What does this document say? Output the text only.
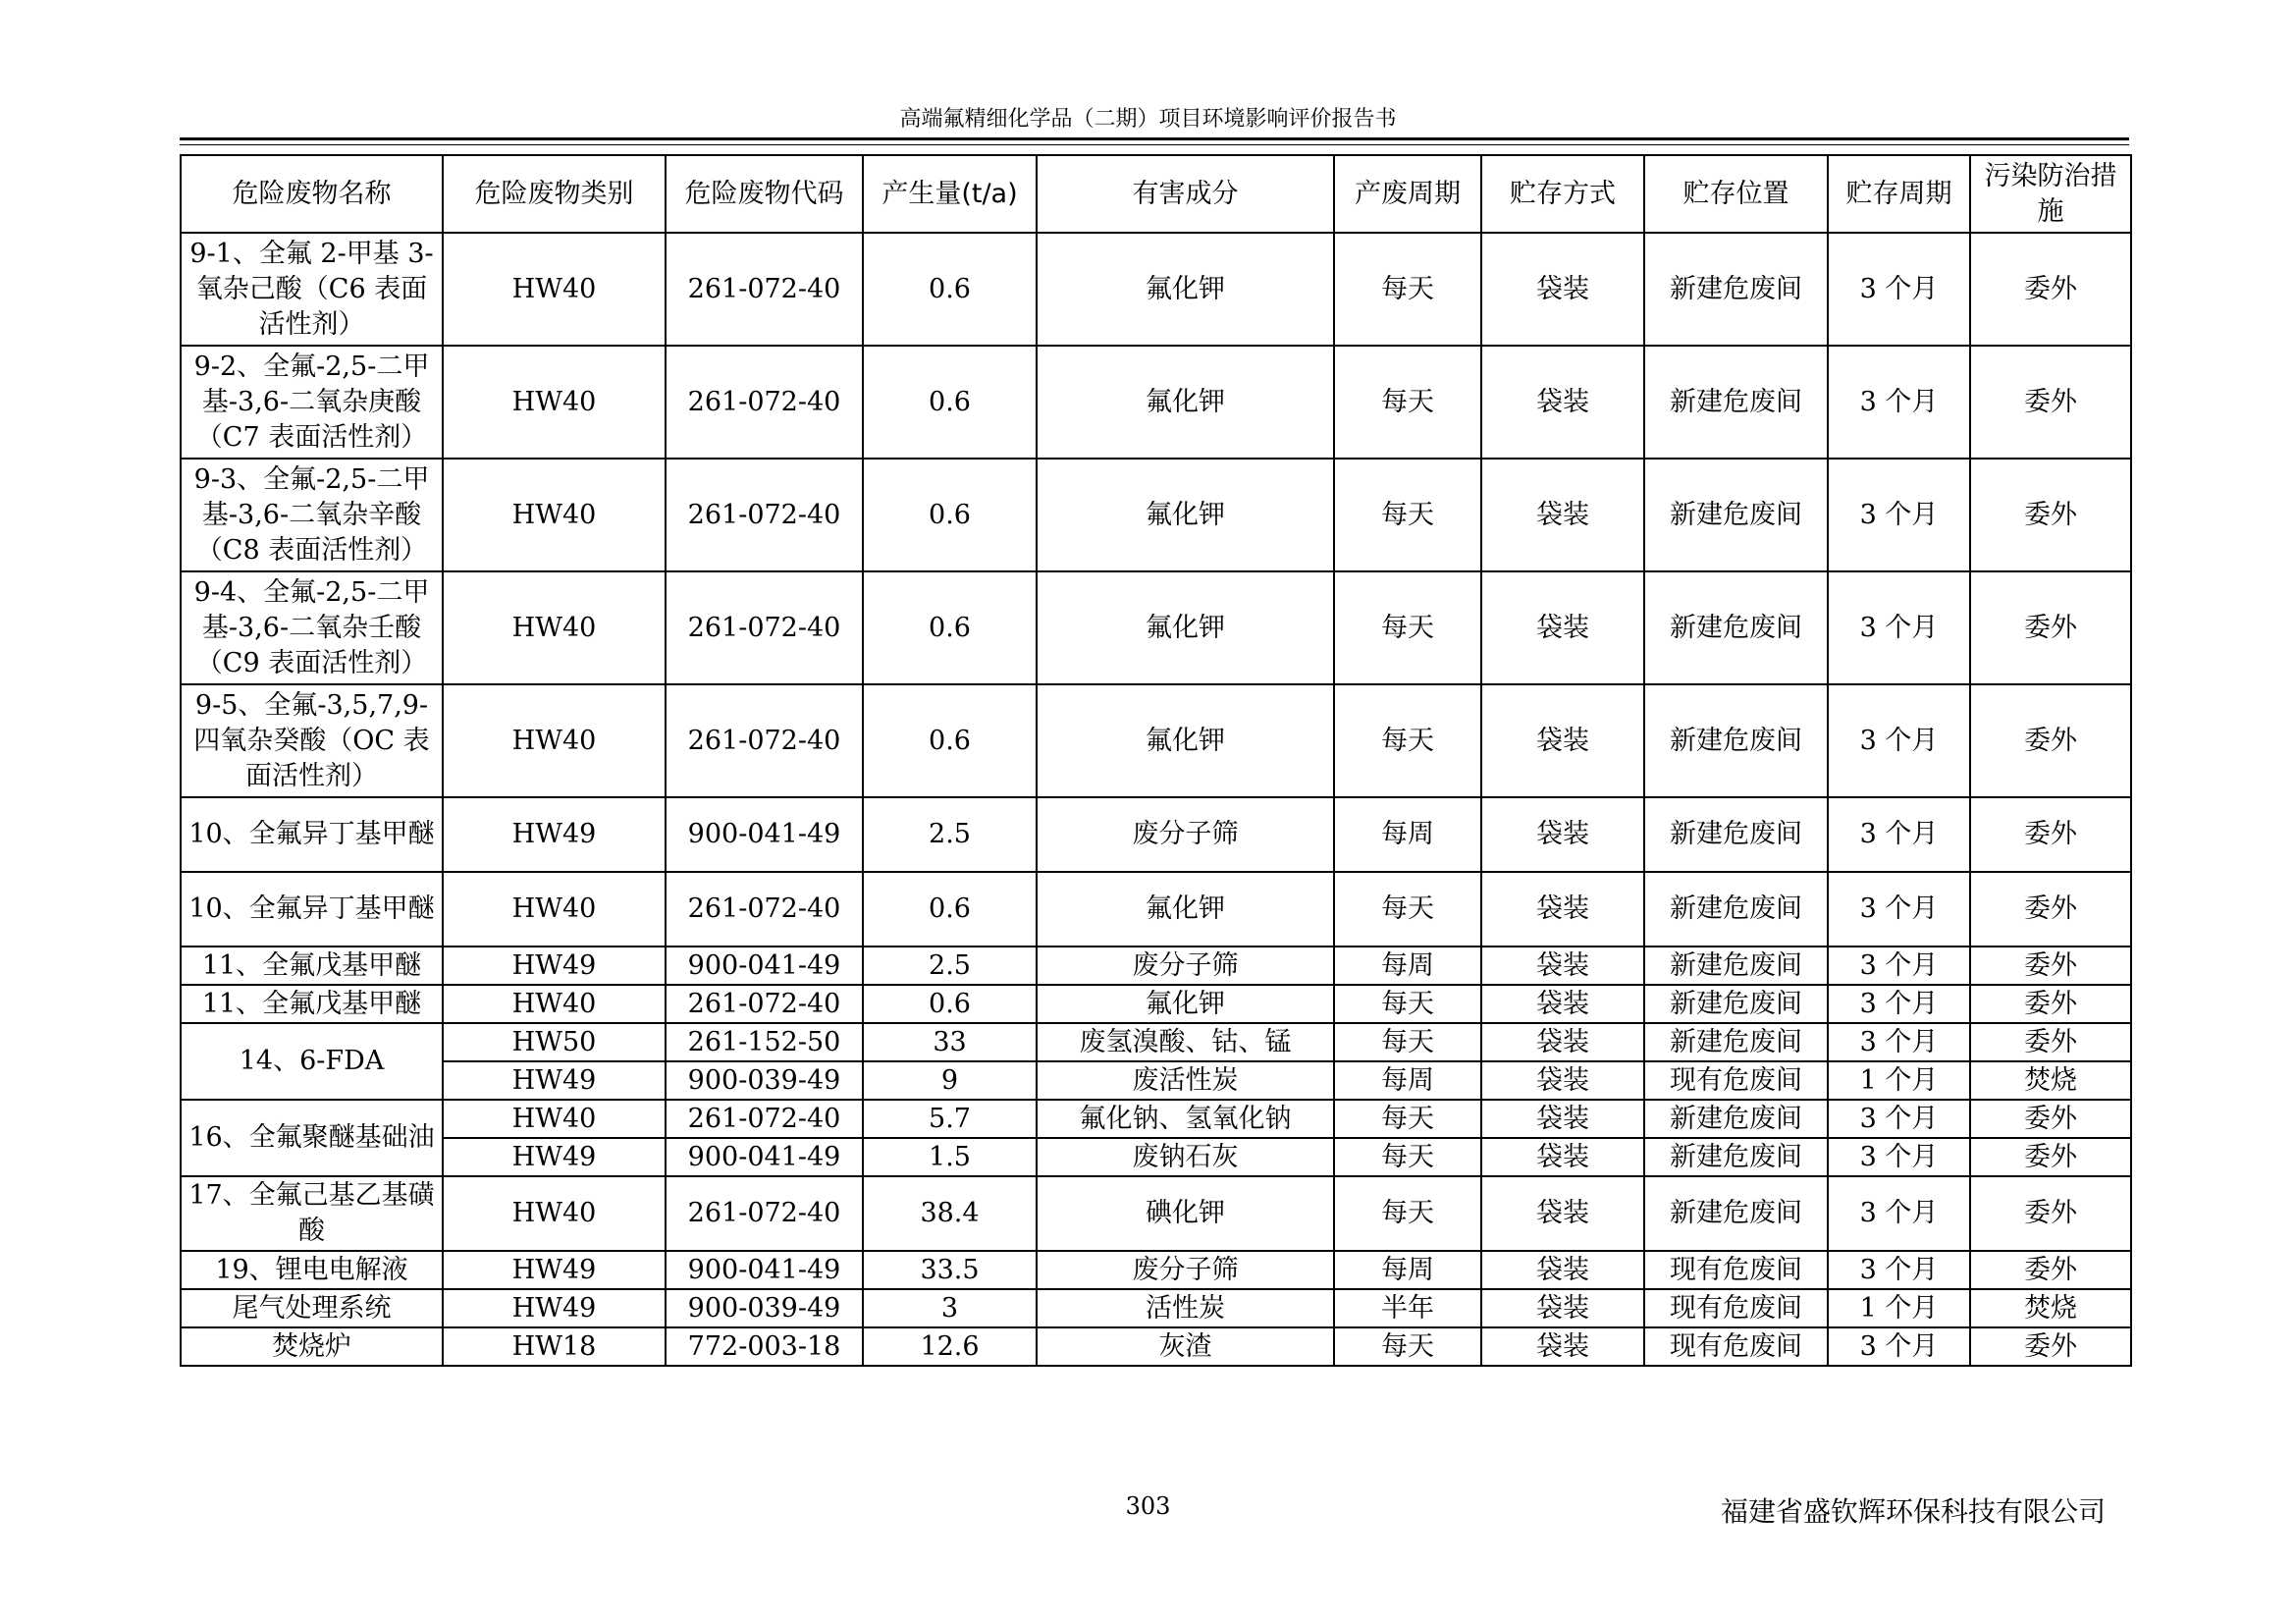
高端氟精细化学品（二期）项目环境影响评价报告书
危险废物名称	危险废物类别	危险废物代码	产生量(t/a)	有害成分	产废周期	贮存方式	贮存位置	贮存周期	污染防治措施
9-1、全氟 2-甲基 3-氧杂己酸（C6 表面活性剂）	HW40	261-072-40	0.6	氟化钾	每天	袋装	新建危废间	3 个月	委外
9-2、全氟-2,5-二甲基-3,6-二氧杂庚酸（C7 表面活性剂）	HW40	261-072-40	0.6	氟化钾	每天	袋装	新建危废间	3 个月	委外
9-3、全氟-2,5-二甲基-3,6-二氧杂辛酸（C8 表面活性剂）	HW40	261-072-40	0.6	氟化钾	每天	袋装	新建危废间	3 个月	委外
9-4、全氟-2,5-二甲基-3,6-二氧杂壬酸（C9 表面活性剂）	HW40	261-072-40	0.6	氟化钾	每天	袋装	新建危废间	3 个月	委外
9-5、全氟-3,5,7,9-四氧杂癸酸（OC 表面活性剂）	HW40	261-072-40	0.6	氟化钾	每天	袋装	新建危废间	3 个月	委外
10、全氟异丁基甲醚	HW49	900-041-49	2.5	废分子筛	每周	袋装	新建危废间	3 个月	委外
10、全氟异丁基甲醚	HW40	261-072-40	0.6	氟化钾	每天	袋装	新建危废间	3 个月	委外
11、全氟戊基甲醚	HW49	900-041-49	2.5	废分子筛	每周	袋装	新建危废间	3 个月	委外
11、全氟戊基甲醚	HW40	261-072-40	0.6	氟化钾	每天	袋装	新建危废间	3 个月	委外
14、6-FDA	HW50	261-152-50	33	废氢溴酸、钴、锰	每天	袋装	新建危废间	3 个月	委外
	HW49	900-039-49	9	废活性炭	每周	袋装	现有危废间	1 个月	焚烧
16、全氟聚醚基础油	HW40	261-072-40	5.7	氟化钠、氢氧化钠	每天	袋装	新建危废间	3 个月	委外
	HW49	900-041-49	1.5	废钠石灰	每天	袋装	新建危废间	3 个月	委外
17、全氟己基乙基磺酸	HW40	261-072-40	38.4	碘化钾	每天	袋装	新建危废间	3 个月	委外
19、锂电电解液	HW49	900-041-49	33.5	废分子筛	每周	袋装	现有危废间	3 个月	委外
尾气处理系统	HW49	900-039-49	3	活性炭	半年	袋装	现有危废间	1 个月	焚烧
焚烧炉	HW18	772-003-18	12.6	灰渣	每天	袋装	现有危废间	3 个月	委外
303	福建省盛钦辉环保科技有限公司
